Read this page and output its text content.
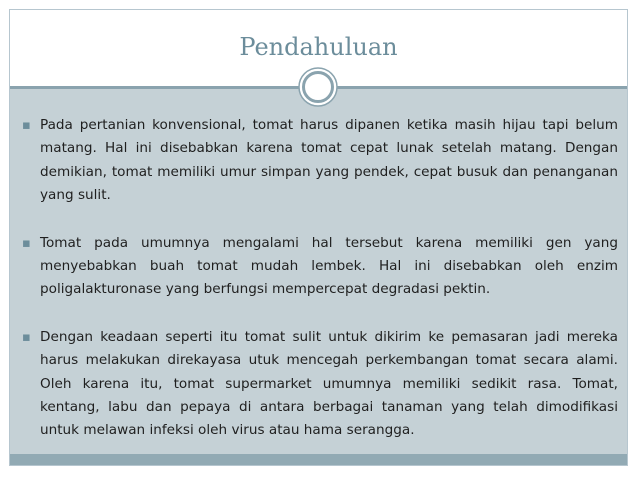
Pendahuluan
▪ Pada pertanian konvensional, tomat harus dipanen ketika masih hijau tapi belum matang. Hal ini disebabkan karena tomat cepat lunak setelah matang. Dengan demikian, tomat memiliki umur simpan yang pendek, cepat busuk dan penanganan yang sulit.
▪ Tomat pada umumnya mengalami hal tersebut karena memiliki gen yang menyebabkan buah tomat mudah lembek. Hal ini disebabkan oleh enzim poligalakturonase yang berfungsi mempercepat degradasi pektin.
▪ Dengan keadaan seperti itu tomat sulit untuk dikirim ke pemasaran jadi mereka harus melakukan direkayasa utuk mencegah perkembangan tomat secara alami. Oleh karena itu, tomat supermarket umumnya memiliki sedikit rasa. Tomat, kentang, labu dan pepaya di antara berbagai tanaman yang telah dimodifikasi untuk melawan infeksi oleh virus atau hama serangga.
